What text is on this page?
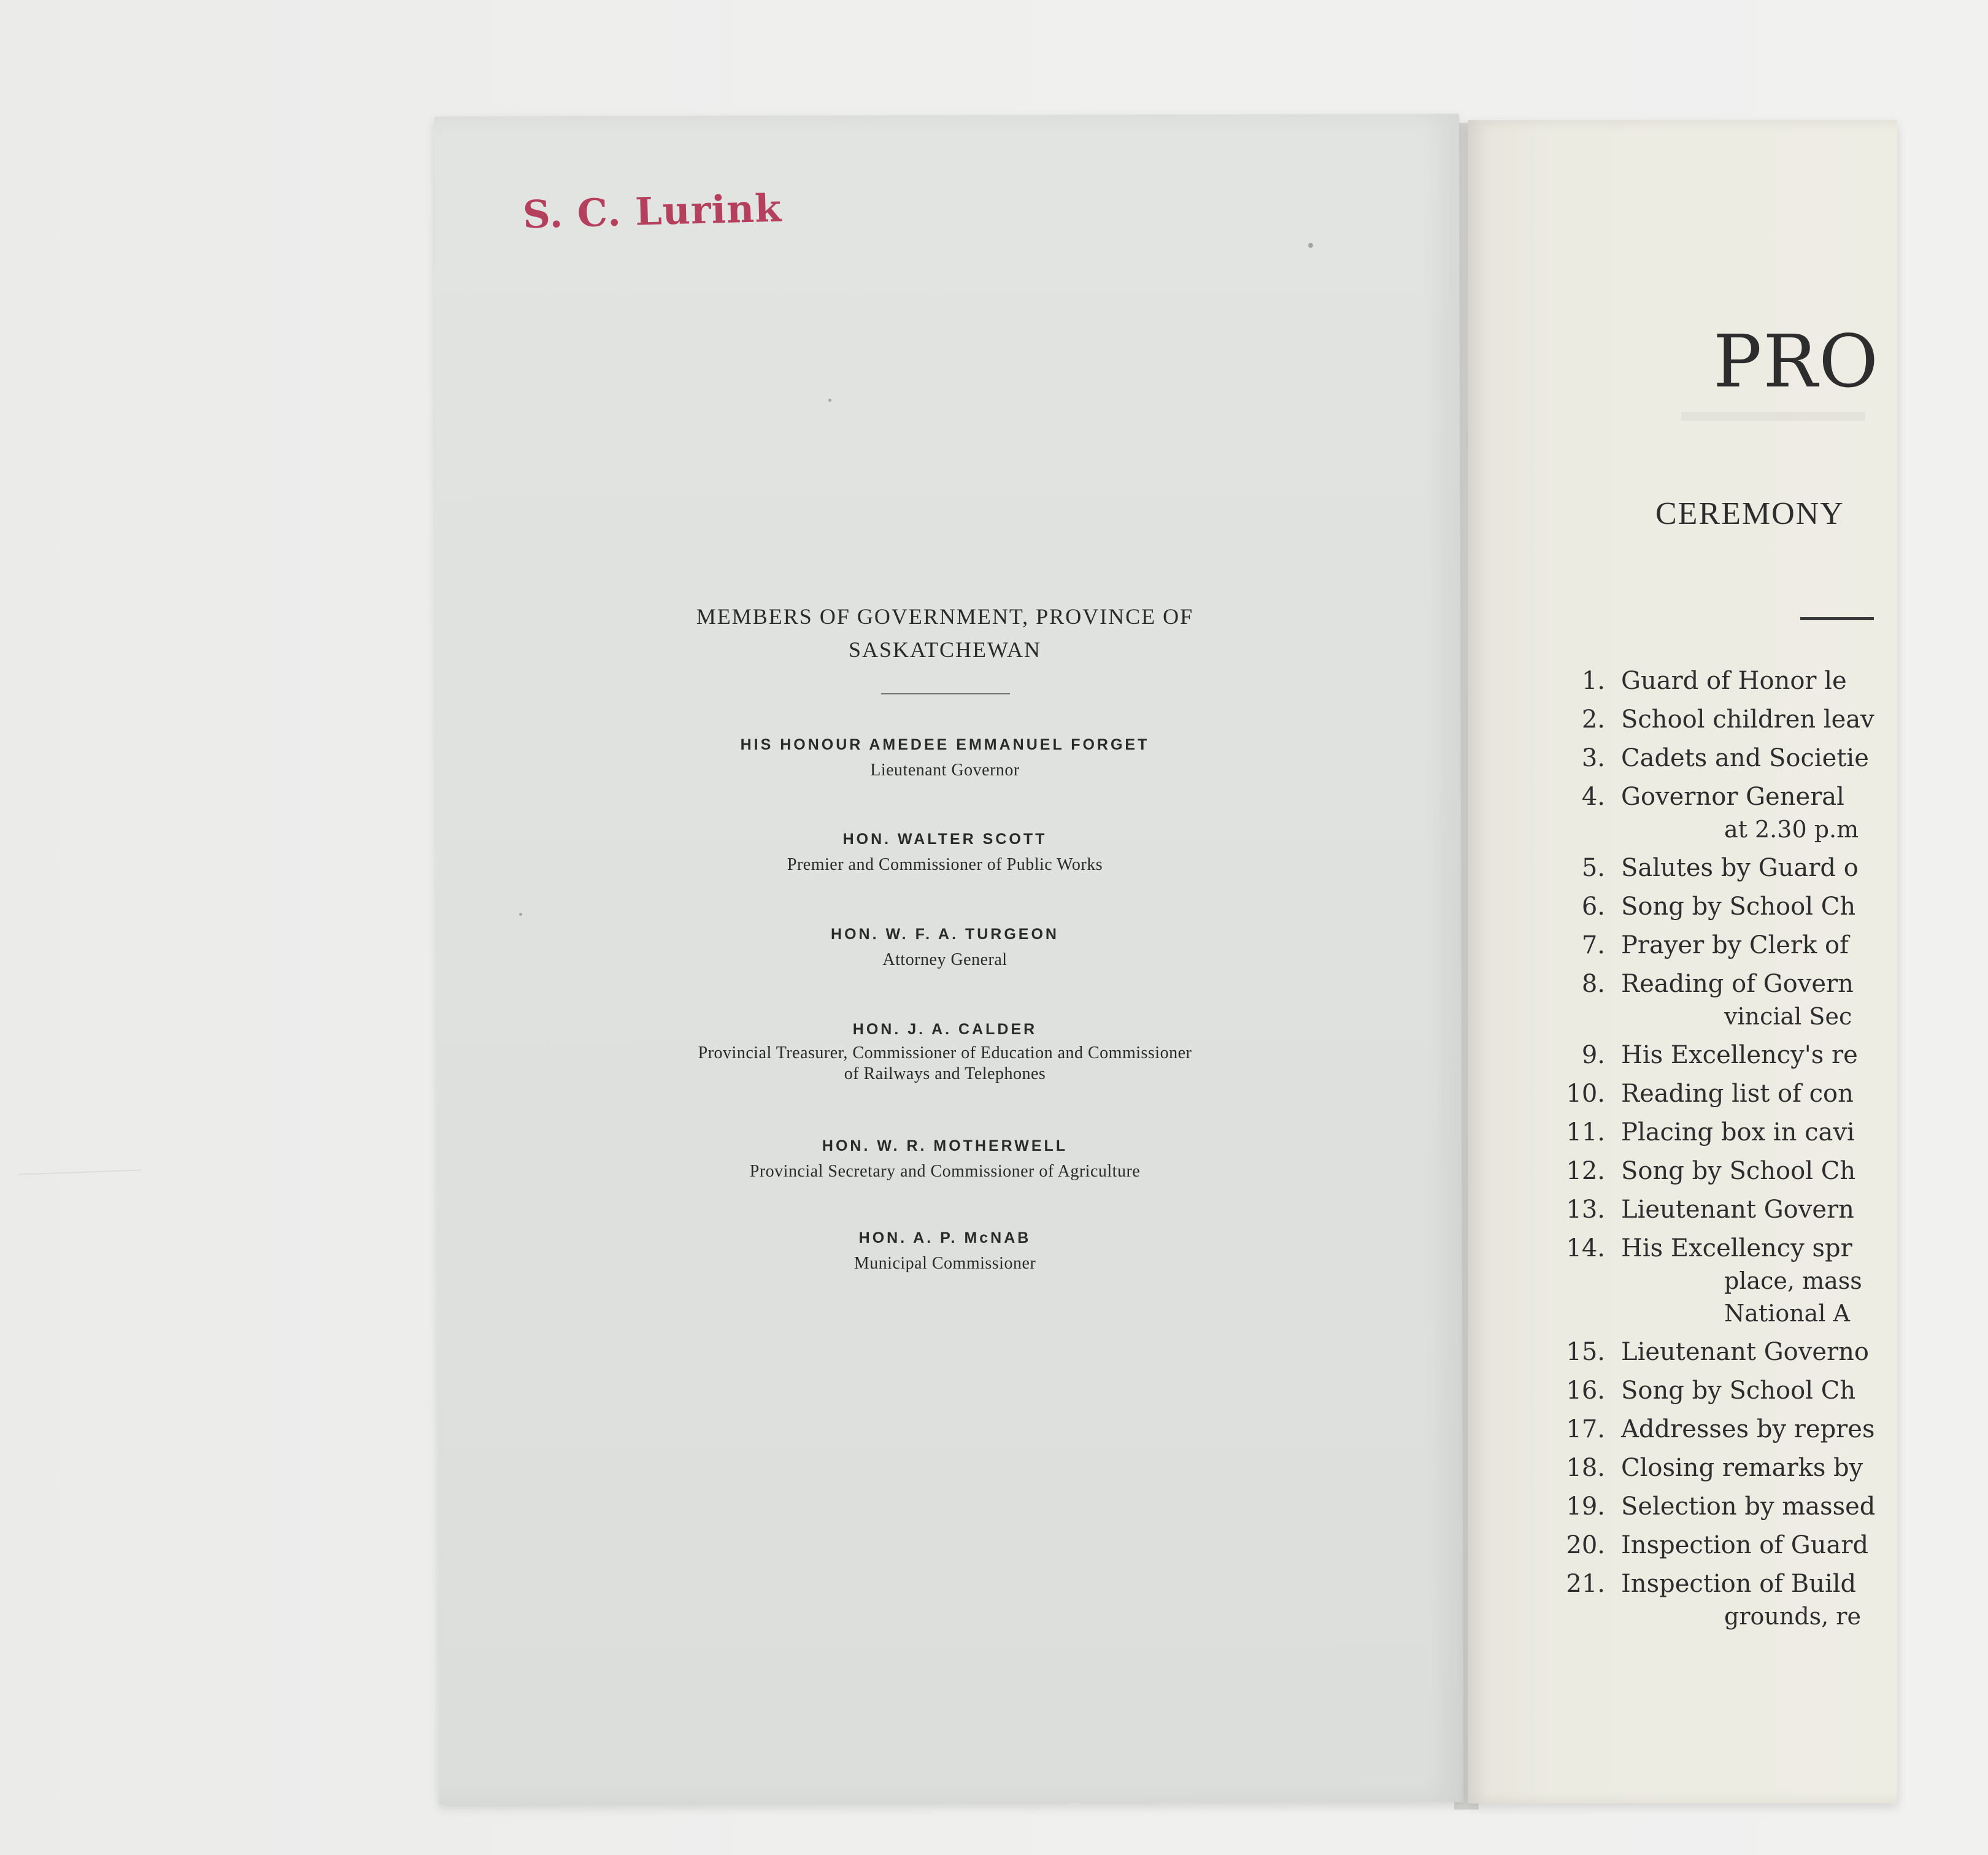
S. C. Lurink

MEMBERS OF GOVERNMENT, PROVINCE OF
SASKATCHEWAN

HIS HONOUR AMEDEE EMMANUEL FORGET

Lieutenant Governor

HON. WALTER SCOTT

Premier and Commissioner of Public Works

HON. W. F. A. TURGEON

Attorney General

HON. J. A. CALDER

Provincial Treasurer, Commissioner of Education and Commissioner

of Railways and Telephones

HON. W. R. MOTHERWELL

Provincial Secretary and Commissioner of Agriculture

HON. A. P. McNAB

Municipal Commissioner

PRO

CEREMONY

1. Guard of Honor le
2. School children leav
3. Cadets and Societie
4. Governor General
at 2.30 p.m
5. Salutes by Guard o
6. Song by School Ch
7. Prayer by Clerk of
8. Reading of Govern
vincial Sec
9. His Excellency's re
10. Reading list of con
11. Placing box in cavi
12. Song by School Ch
13. Lieutenant Govern
14. His Excellency spr
place, mass
National A
15. Lieutenant Governo
16. Song by School Ch
17. Addresses by repres
18. Closing remarks by
19. Selection by massed
20. Inspection of Guard
21. Inspection of Build
grounds, re
